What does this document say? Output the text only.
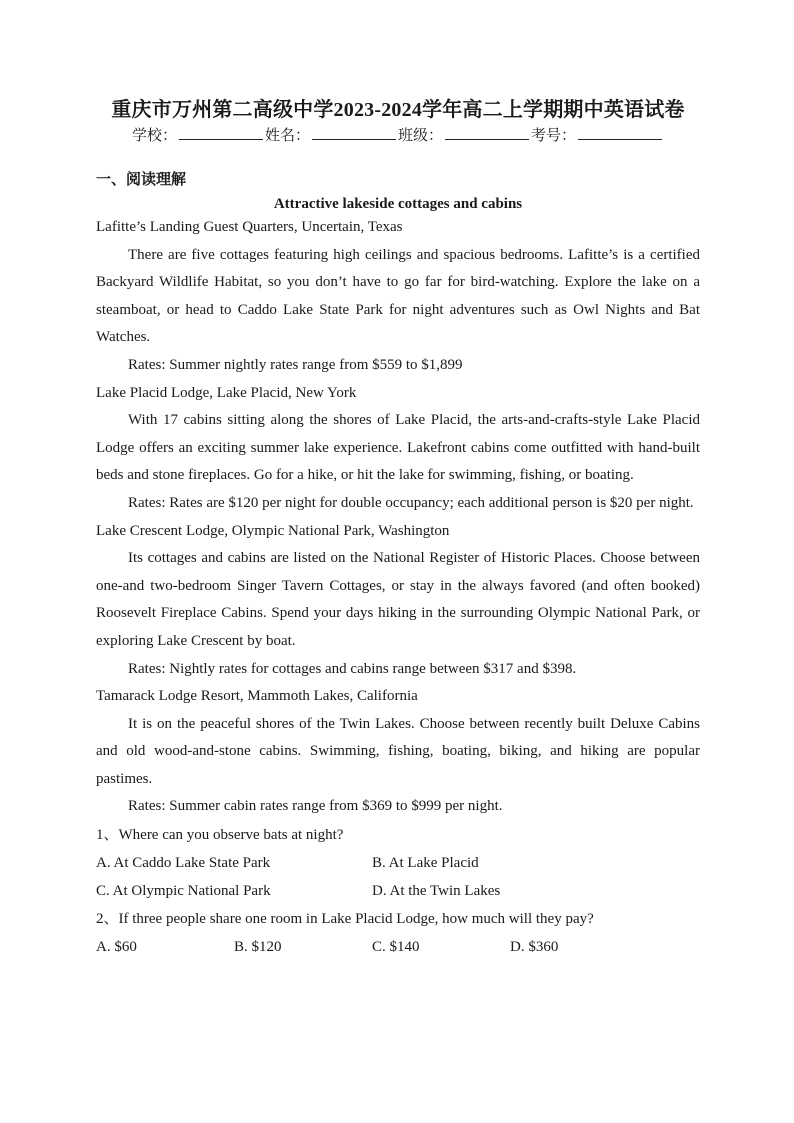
重庆市万州第二高级中学2023-2024学年高二上学期期中英语试卷
学校：	姓名：	班级：	考号：
一、阅读理解
Attractive lakeside cottages and cabins
Lafitte’s Landing Guest Quarters, Uncertain, Texas

There are five cottages featuring high ceilings and spacious bedrooms. Lafitte’s is a certified Backyard Wildlife Habitat, so you don’t have to go far for bird-watching. Explore the lake on a steamboat, or head to Caddo Lake State Park for night adventures such as Owl Nights and Bat Watches.

Rates: Summer nightly rates range from $559 to $1,899

Lake Placid Lodge, Lake Placid, New York

With 17 cabins sitting along the shores of Lake Placid, the arts-and-crafts-style Lake Placid Lodge offers an exciting summer lake experience. Lakefront cabins come outfitted with hand-built beds and stone fireplaces. Go for a hike, or hit the lake for swimming, fishing, or boating.

Rates: Rates are $120 per night for double occupancy; each additional person is $20 per night.

Lake Crescent Lodge, Olympic National Park, Washington

Its cottages and cabins are listed on the National Register of Historic Places. Choose between one-and two-bedroom Singer Tavern Cottages, or stay in the always favored (and often booked) Roosevelt Fireplace Cabins. Spend your days hiking in the surrounding Olympic National Park, or exploring Lake Crescent by boat.

Rates: Nightly rates for cottages and cabins range between $317 and $398.

Tamarack Lodge Resort, Mammoth Lakes, California

It is on the peaceful shores of the Twin Lakes. Choose between recently built Deluxe Cabins and old wood-and-stone cabins. Swimming, fishing, boating, biking, and hiking are popular pastimes.

Rates: Summer cabin rates range from $369 to $999 per night.

1、Where can you observe bats at night?
A. At Caddo Lake State Park	B. At Lake Placid
C. At Olympic National Park	D. At the Twin Lakes
2、If three people share one room in Lake Placid Lodge, how much will they pay?
A. $60	B. $120	C. $140	D. $360
